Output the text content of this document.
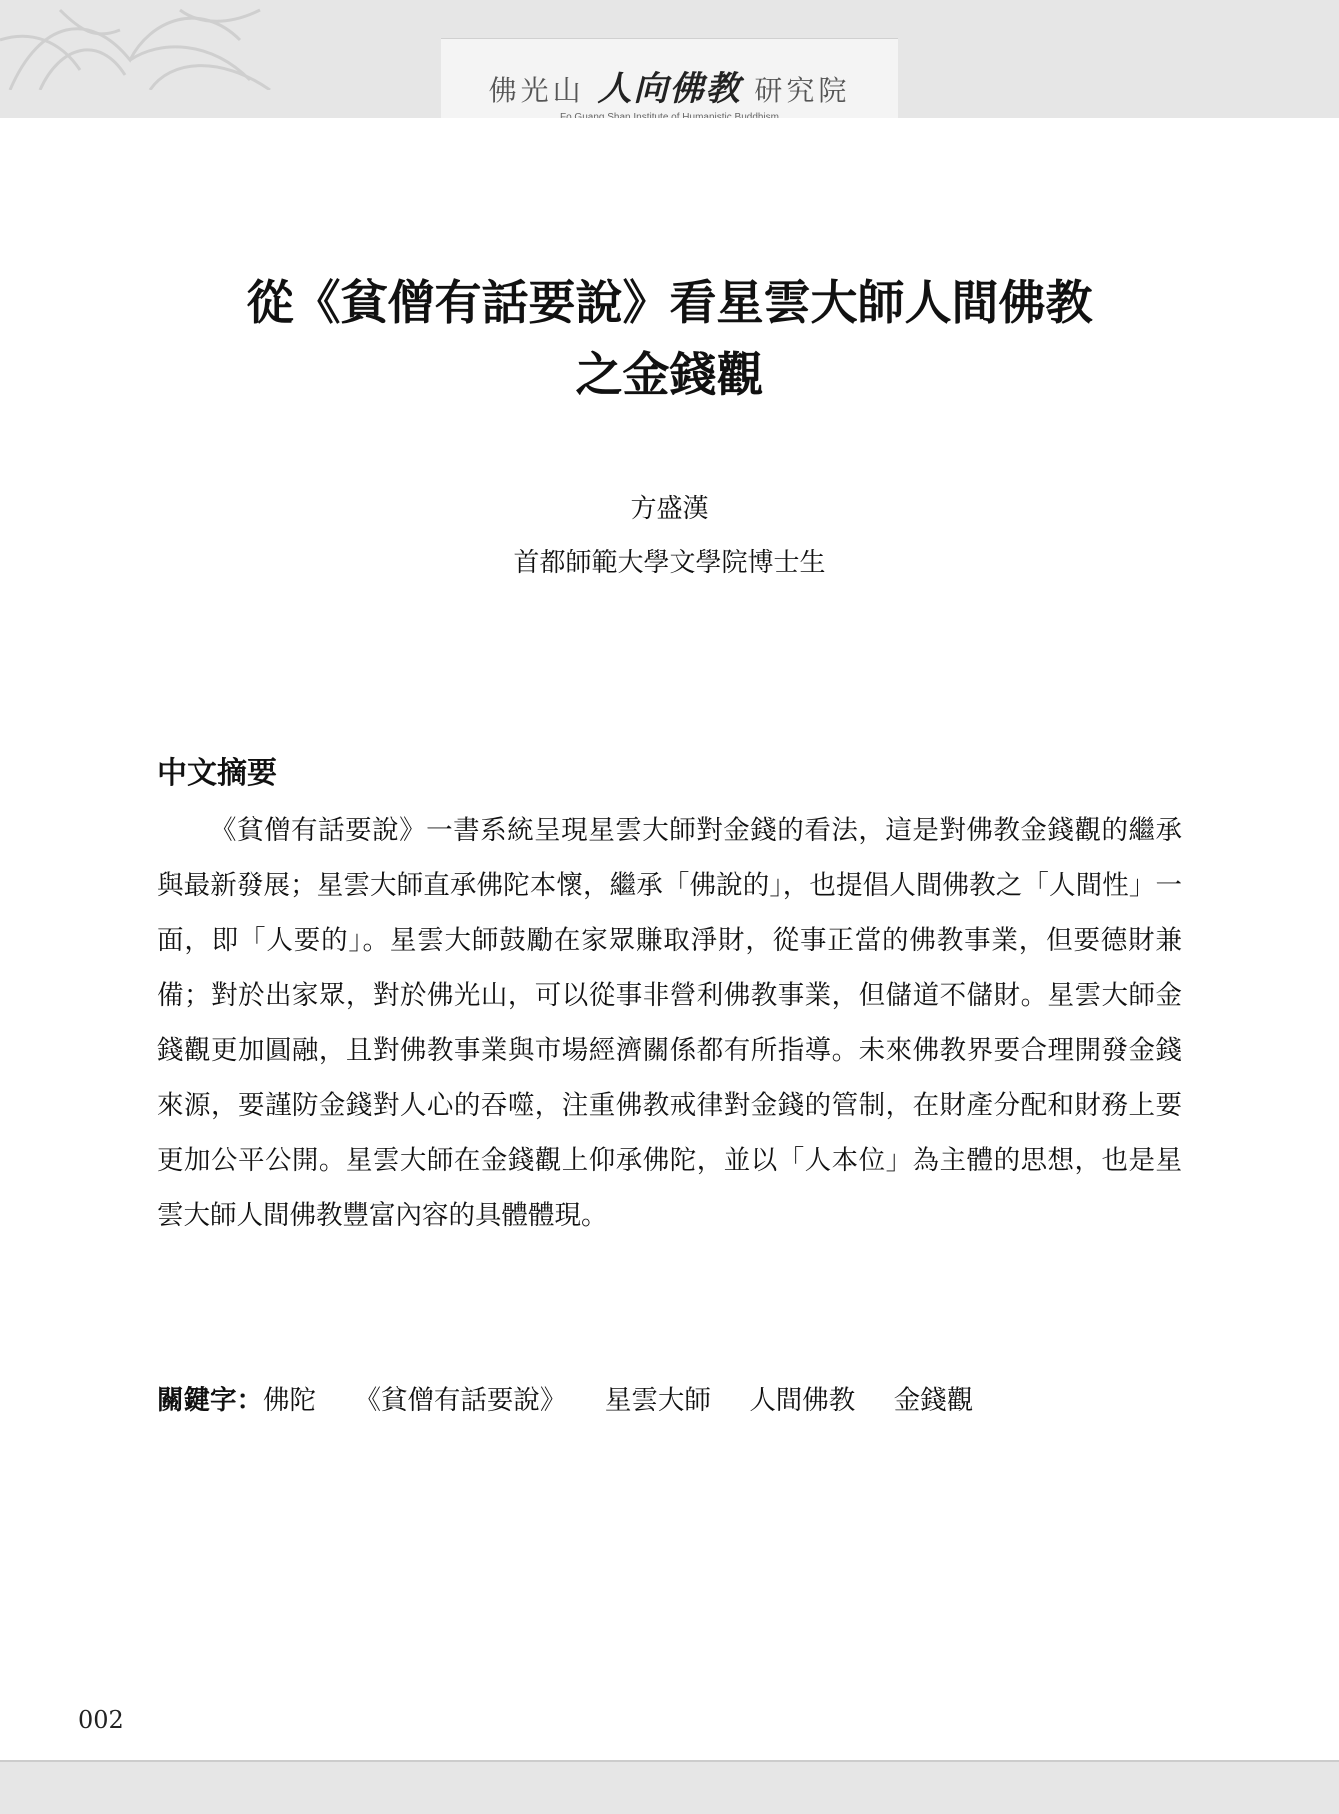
佛光山 人向佛教 研究院
從《貧僧有話要說》看星雲大師人間佛教
之金錢觀
方盛漢
首都師範大學文學院博士生
中文摘要

《貧僧有話要說》一書系統呈現星雲大師對金錢的看法，這是對佛教金錢觀的繼承與最新發展；星雲大師直承佛陀本懷，繼承「佛說的」，也提倡人間佛教之「人間性」一面，即「人要的」。星雲大師鼓勵在家眾賺取淨財，從事正當的佛教事業，但要德財兼備；對於出家眾，對於佛光山，可以從事非營利佛教事業，但儲道不儲財。星雲大師金錢觀更加圓融，且對佛教事業與市場經濟關係都有所指導。未來佛教界要合理開發金錢來源，要謹防金錢對人心的吞噬，注重佛教戒律對金錢的管制，在財產分配和財務上要更加公平公開。星雲大師在金錢觀上仰承佛陀，並以「人本位」為主體的思想，也是星雲大師人間佛教豐富內容的具體體現。

關鍵字：佛陀 《貧僧有話要說》 星雲大師 人間佛教 金錢觀
002
